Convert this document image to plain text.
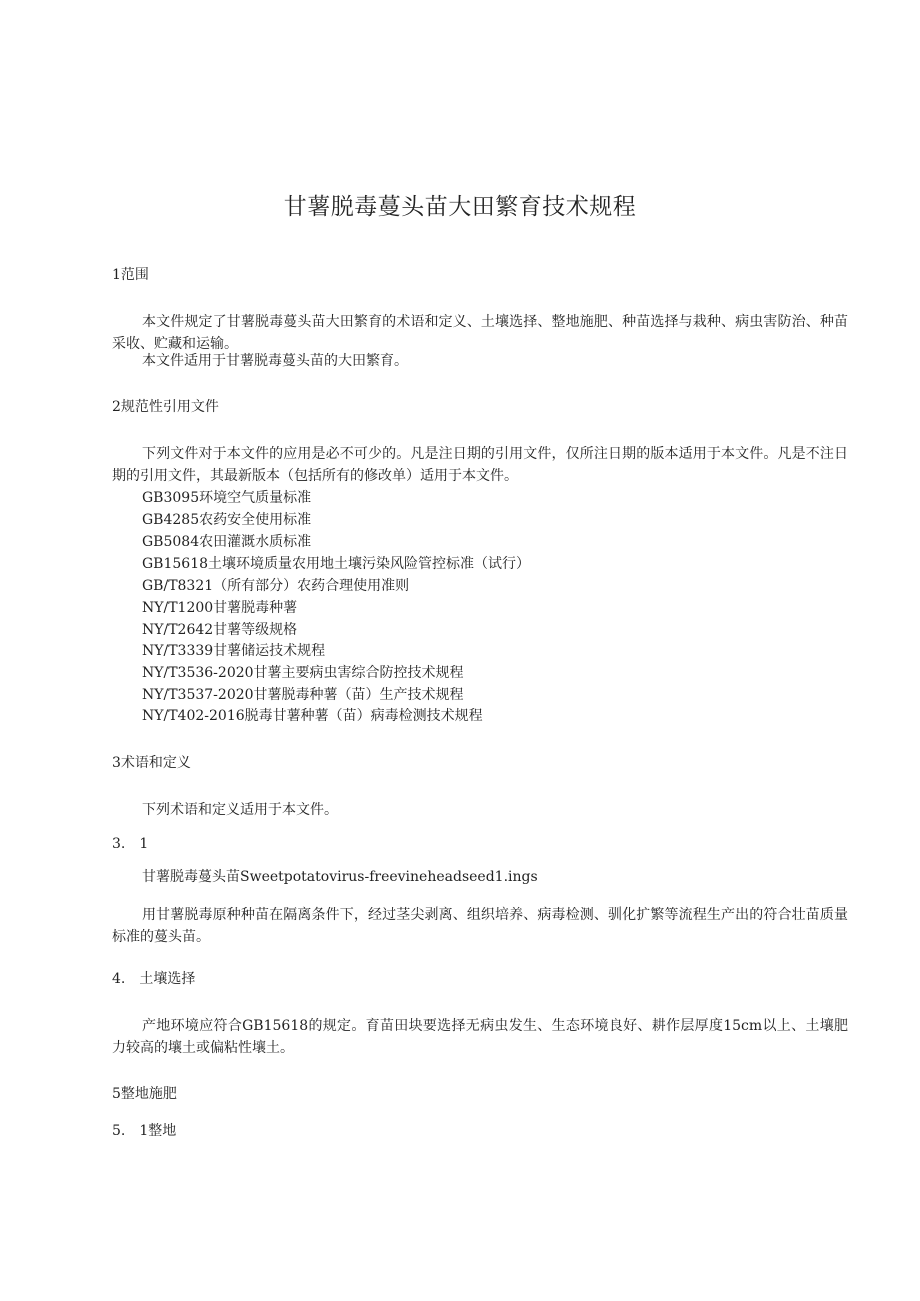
甘薯脱毒蔓头苗大田繁育技术规程
1范围
本文件规定了甘薯脱毒蔓头苗大田繁育的术语和定义、土壤选择、整地施肥、种苗选择与栽种、病虫害防治、种苗采收、贮藏和运输。
本文件适用于甘薯脱毒蔓头苗的大田繁育。
2规范性引用文件
下列文件对于本文件的应用是必不可少的。凡是注日期的引用文件，仅所注日期的版本适用于本文件。凡是不注日期的引用文件，其最新版本（包括所有的修改单）适用于本文件。
GB3095环境空气质量标准
GB4285农药安全使用标准
GB5084农田灌溉水质标准
GB15618土壤环境质量农用地土壤污染风险管控标准（试行）
GB/T8321（所有部分）农药合理使用准则
NY/T1200甘薯脱毒种薯
NY/T2642甘薯等级规格
NY/T3339甘薯储运技术规程
NY/T3536-2020甘薯主要病虫害综合防控技术规程
NY/T3537-2020甘薯脱毒种薯（苗）生产技术规程
NY/T402-2016脱毒甘薯种薯（苗）病毒检测技术规程
3术语和定义
下列术语和定义适用于本文件。
3.　1
甘薯脱毒蔓头苗Sweetpotatovirus-freevineheadseed1.ings
用甘薯脱毒原种种苗在隔离条件下，经过茎尖剥离、组织培养、病毒检测、驯化扩繁等流程生产出的符合壮苗质量标准的蔓头苗。
4.　土壤选择
产地环境应符合GB15618的规定。育苗田块要选择无病虫发生、生态环境良好、耕作层厚度15cm以上、土壤肥力较高的壤土或偏粘性壤土。
5整地施肥
5.　1整地
